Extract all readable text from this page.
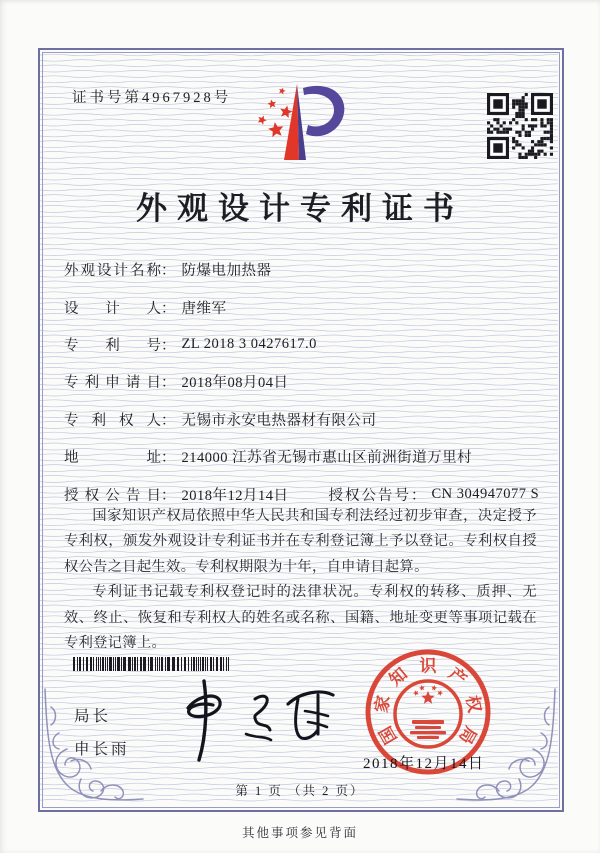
证书号第4967928号
外观设计专利证书
外观设计名称 ： 防爆电加热器
设计人 ： 唐维军
专利号 ： ZL 2018 3 0427617.0
专利申请日 ： 2018年08月04日
专利权人 ： 无锡市永安电热器材有限公司
地址 ： 214000 江苏省无锡市惠山区前洲街道万里村
授权公告日 ： 2018年12月14日	授权公告号 ： CN 304947077 S

国家知识产权局依照中华人民共和国专利法经过初步审查，决定授予专利权，颁发外观设计专利证书并在专利登记簿上予以登记。专利权自授权公告之日起生效。专利权期限为十年，自申请日起算。

专利证书记载专利权登记时的法律状况。专利权的转移、质押、无效、终止、恢复和专利权人的姓名或名称、国籍、地址变更等事项记载在专利登记簿上。

局长
申长雨
国
家
知 识 产
权
局
2018年12月14日
第 1 页 （共 2 页）
其他事项参见背面
